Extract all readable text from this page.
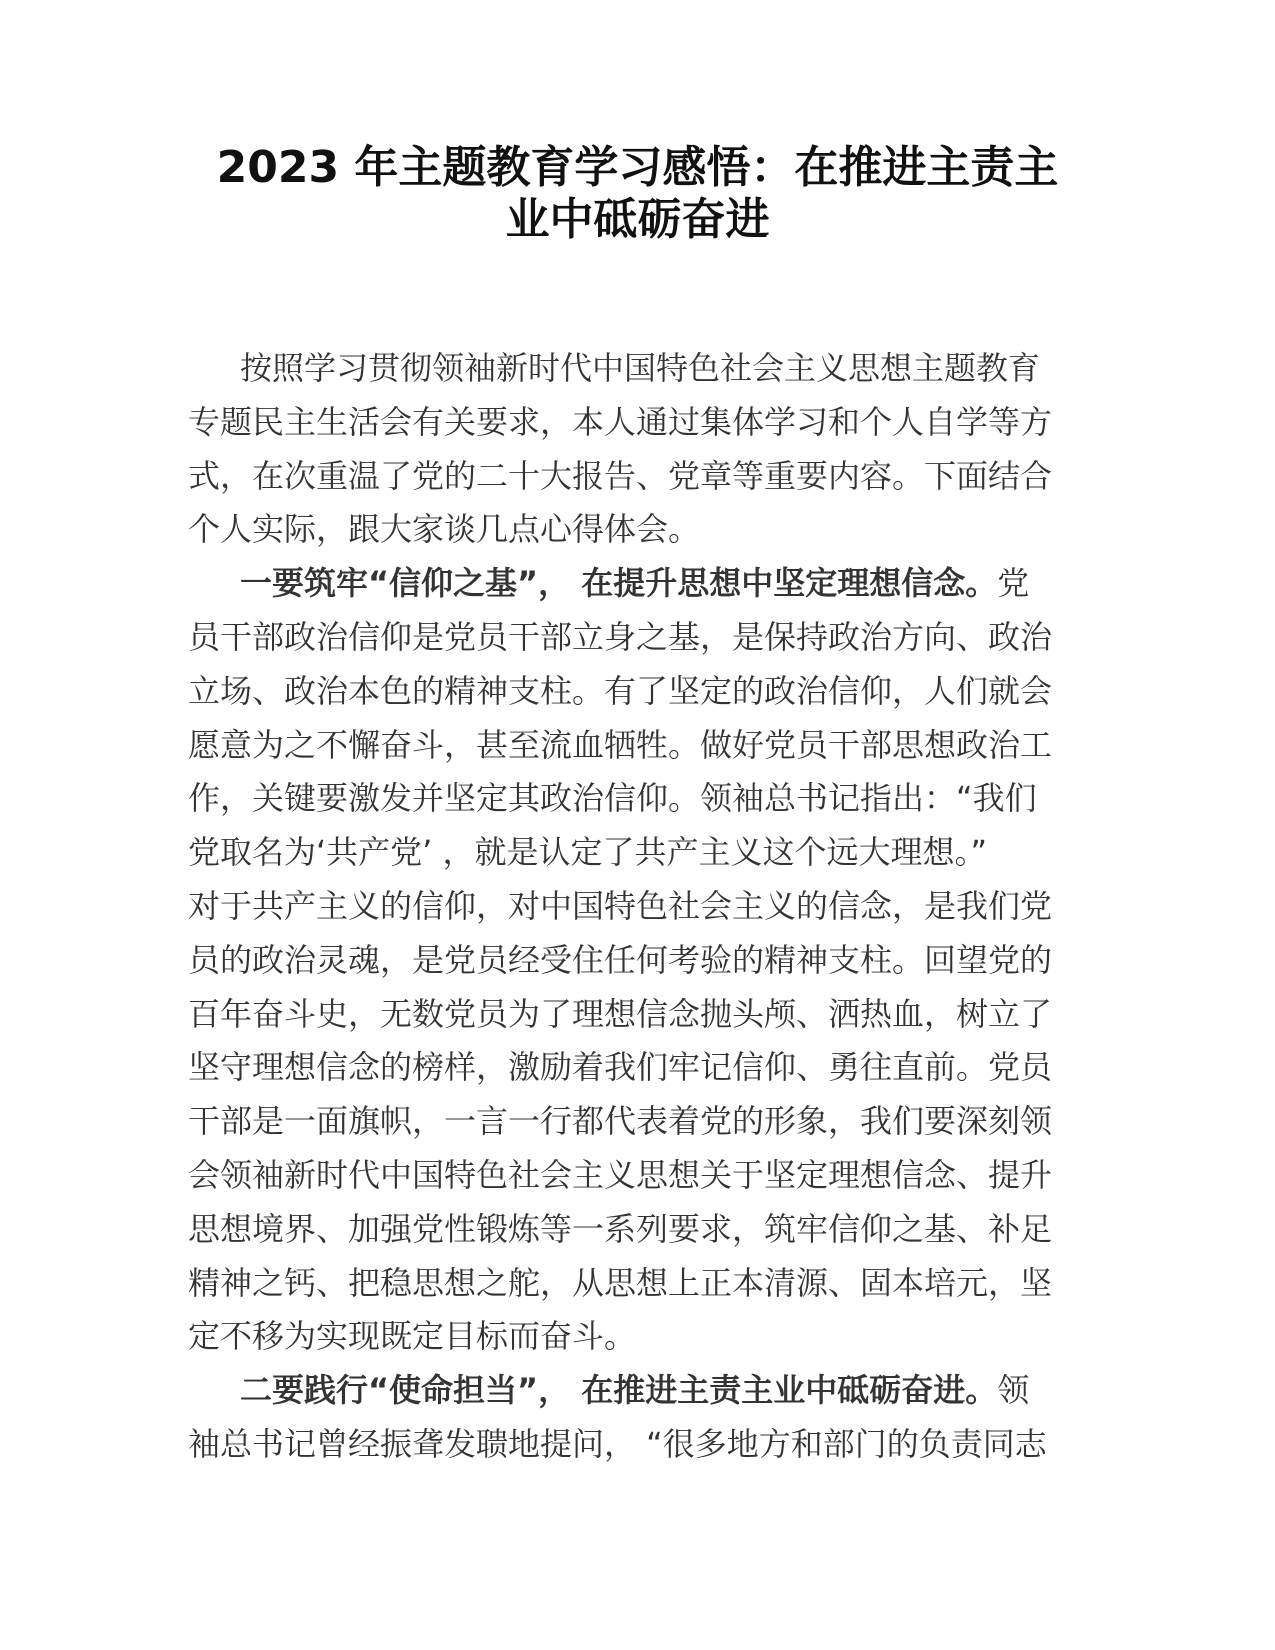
2023 年主题教育学习感悟：在推进主责主
业中砥砺奋进

按照学习贯彻领袖新时代中国特色社会主义思想主题教育
专题民主生活会有关要求，本人通过集体学习和个人自学等方
式，在次重温了党的二十大报告、党章等重要内容。下面结合
个人实际，跟大家谈几点心得体会。

一要筑牢“信仰之基”， 在提升思想中坚定理想信念。党
员干部政治信仰是党员干部立身之基，是保持政治方向、政治
立场、政治本色的精神支柱。有了坚定的政治信仰，人们就会
愿意为之不懈奋斗，甚至流血牺牲。做好党员干部思想政治工
作，关键要激发并坚定其政治信仰。领袖总书记指出：“我们
党取名为‘共产党’ ，就是认定了共产主义这个远大理想。”
对于共产主义的信仰，对中国特色社会主义的信念，是我们党
员的政治灵魂，是党员经受住任何考验的精神支柱。回望党的
百年奋斗史，无数党员为了理想信念抛头颅、洒热血，树立了
坚守理想信念的榜样，激励着我们牢记信仰、勇往直前。党员
干部是一面旗帜，一言一行都代表着党的形象，我们要深刻领
会领袖新时代中国特色社会主义思想关于坚定理想信念、提升
思想境界、加强党性锻炼等一系列要求，筑牢信仰之基、补足
精神之钙、把稳思想之舵，从思想上正本清源、固本培元，坚
定不移为实现既定目标而奋斗。

二要践行“使命担当”， 在推进主责主业中砥砺奋进。领
袖总书记曾经振聋发聩地提问， “很多地方和部门的负责同志
